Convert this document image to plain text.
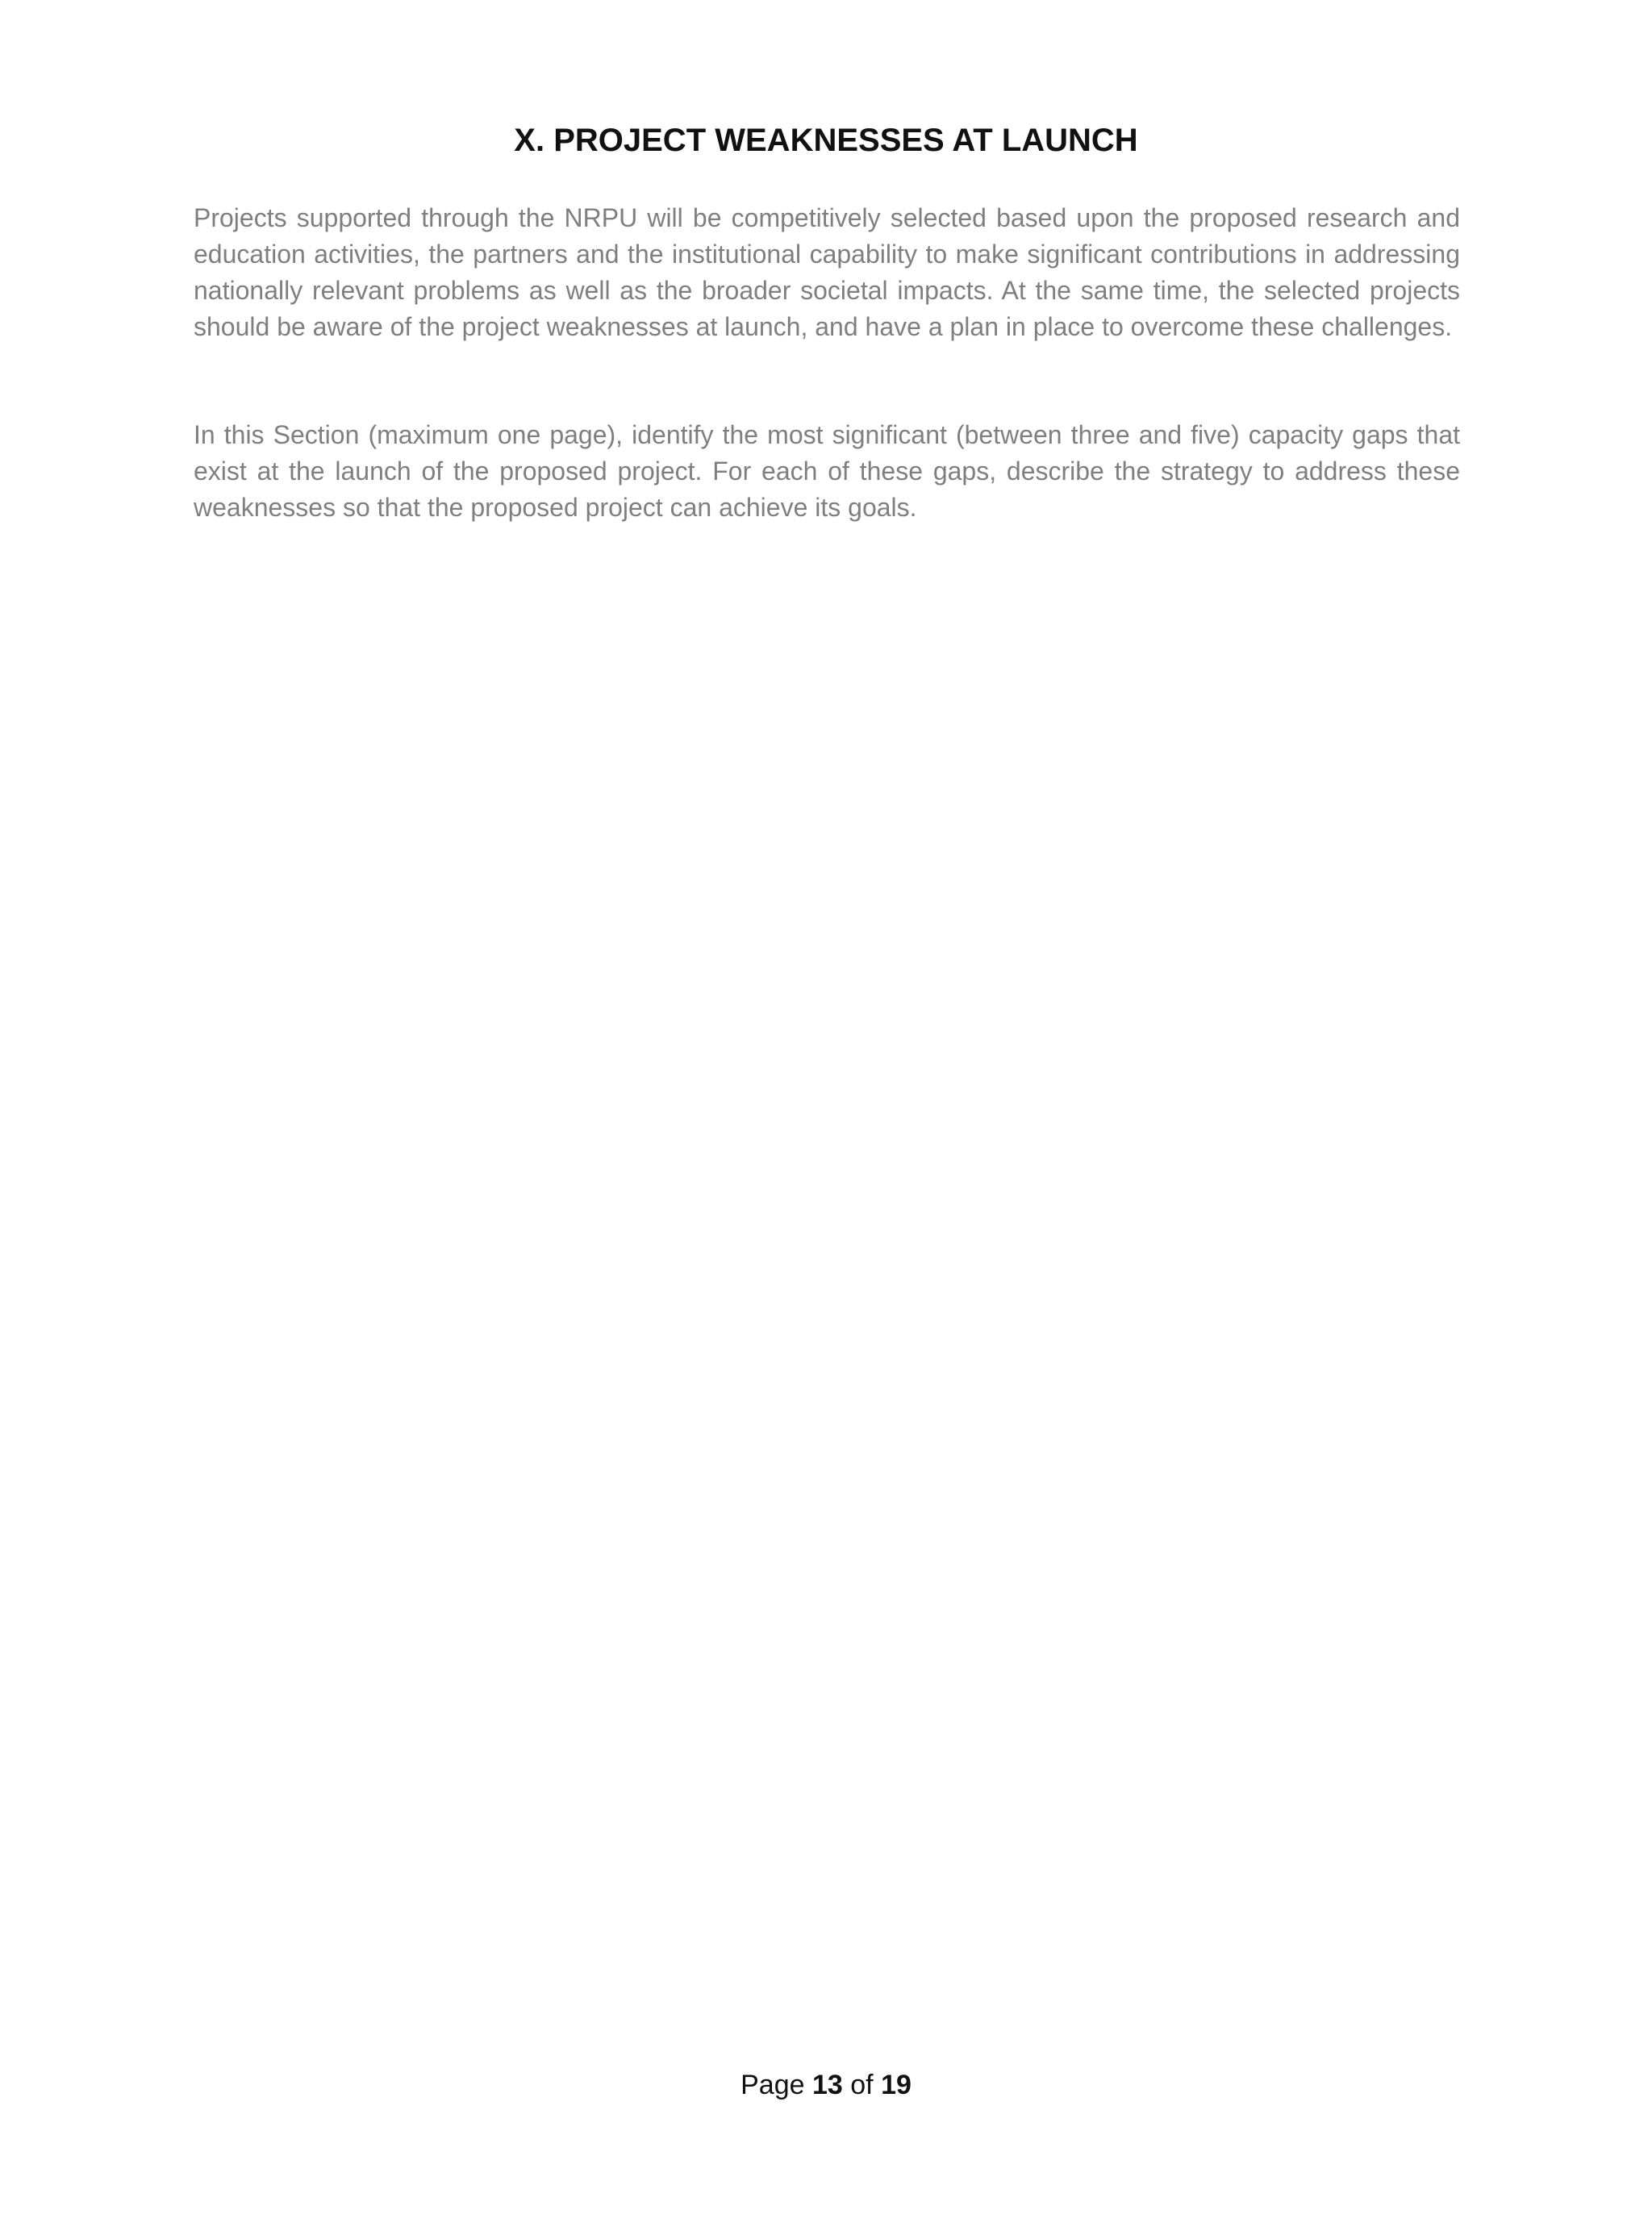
X. PROJECT WEAKNESSES AT LAUNCH

Projects supported through the NRPU will be competitively selected based upon the proposed research and education activities, the partners and the institutional capability to make significant contributions in addressing nationally relevant problems as well as the broader societal impacts. At the same time, the selected projects should be aware of the project weaknesses at launch, and have a plan in place to overcome these challenges.

In this Section (maximum one page), identify the most significant (between three and five) capacity gaps that exist at the launch of the proposed project. For each of these gaps, describe the strategy to address these weaknesses so that the proposed project can achieve its goals.

Page 13 of 19
